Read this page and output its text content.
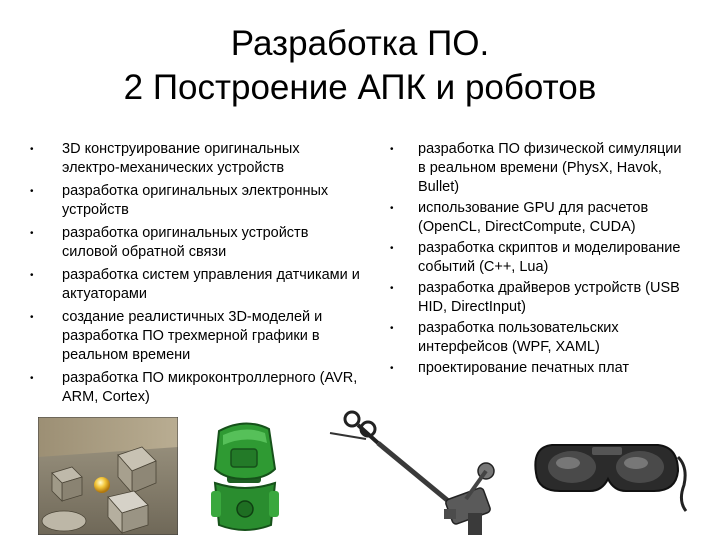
Разработка ПО.
2 Построение АПК и роботов
• 3D конструирование оригинальных электро-механических устройств
• разработка оригинальных электронных устройств
• разработка оригинальных устройств силовой обратной связи
• разработка систем управления датчиками и актуаторами
• создание реалистичных 3D-моделей и разработка ПО трехмерной графики в реальном времени
• разработка ПО микроконтроллерного (AVR, ARM, Cortex)
• разработка ПО физической симуляции в реальном времени (PhysX, Havok, Bullet)
• использование GPU для расчетов (OpenCL, DirectCompute, CUDA)
• разработка скриптов и моделирование событий (C++, Lua)
• разработка драйверов устройств (USB HID, DirectInput)
• разработка пользовательских интерфейсов (WPF, XAML)
• проектирование печатных плат
